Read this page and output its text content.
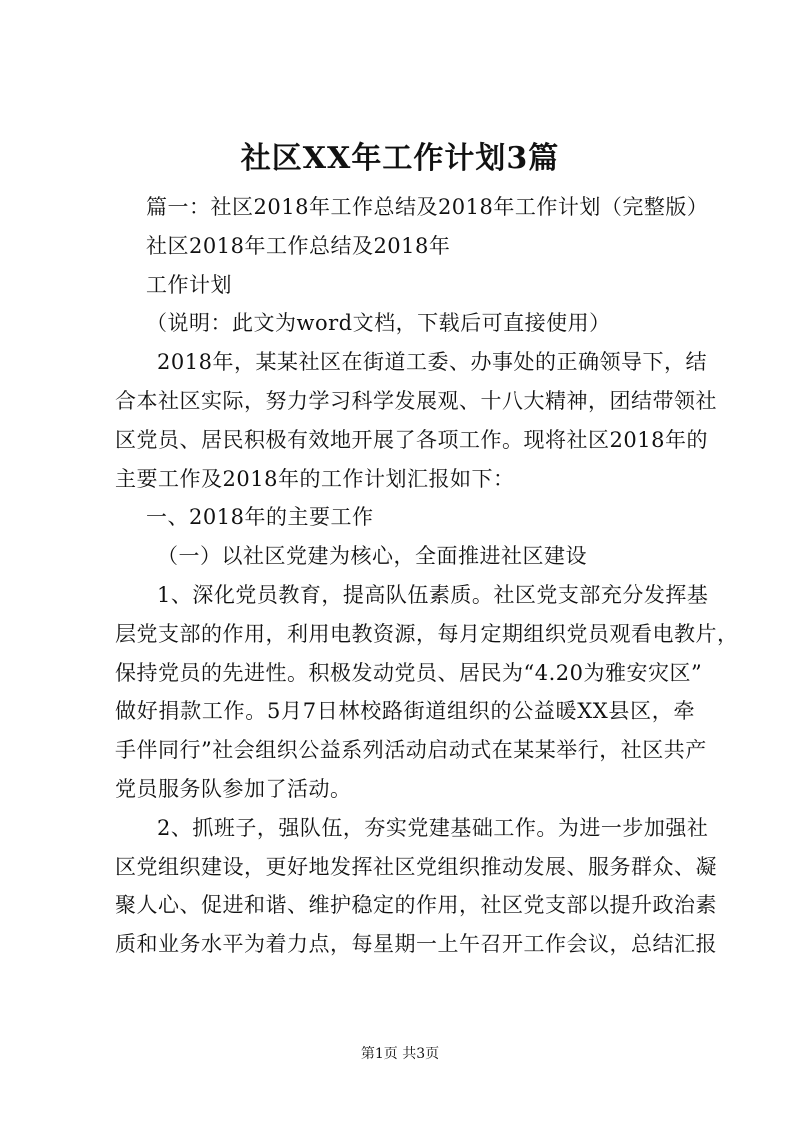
社区XX年工作计划3篇
篇一：社区2018年工作总结及2018年工作计划（完整版）
社区2018年工作总结及2018年
工作计划
（说明：此文为word文档，下载后可直接使用）
2018年，某某社区在街道工委、办事处的正确领导下，结
合本社区实际，努力学习科学发展观、十八大精神，团结带领社
区党员、居民积极有效地开展了各项工作。现将社区2018年的
主要工作及2018年的工作计划汇报如下：
一、2018年的主要工作
（一）以社区党建为核心，全面推进社区建设
1、深化党员教育，提高队伍素质。社区党支部充分发挥基
层党支部的作用，利用电教资源，每月定期组织党员观看电教片，
保持党员的先进性。积极发动党员、居民为“4.20为雅安灾区”
做好捐款工作。5月7日林校路街道组织的公益暖XX县区，牵
手伴同行”社会组织公益系列活动启动式在某某举行，社区共产
党员服务队参加了活动。
2、抓班子，强队伍，夯实党建基础工作。为进一步加强社
区党组织建设，更好地发挥社区党组织推动发展、服务群众、凝
聚人心、促进和谐、维护稳定的作用，社区党支部以提升政治素
质和业务水平为着力点，每星期一上午召开工作会议，总结汇报
第1页 共3页
